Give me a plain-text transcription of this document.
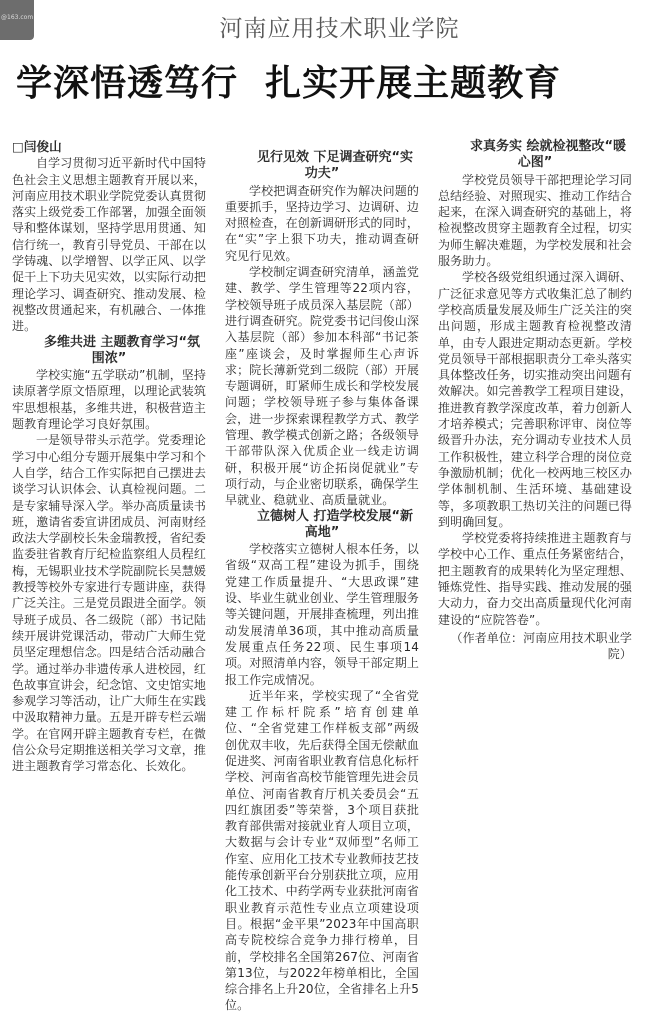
@163.com	河南应用技术职业学院
学深悟透笃行  扎实开展主题教育

□闫俊山

自学习贯彻习近平新时代中国特色社会主义思想主题教育开展以来，河南应用技术职业学院党委认真贯彻落实上级党委工作部署，加强全面领导和整体谋划，坚持学思用贯通、知信行统一，教育引导党员、干部在以学铸魂、以学增智、以学正风、以学促干上下功夫见实效，以实际行动把理论学习、调查研究、推动发展、检视整改贯通起来，有机融合、一体推进。

多维共进 主题教育学习“氛围浓”

学校实施“五学联动”机制，坚持读原著学原文悟原理，以理论武装筑牢思想根基，多维共进，积极营造主题教育理论学习良好氛围。

一是领导带头示范学。党委理论学习中心组分专题开展集中学习和个人自学，结合工作实际把自己摆进去谈学习认识体会、认真检视问题。二是专家辅导深入学。举办高质量读书班，邀请省委宣讲团成员、河南财经政法大学副校长朱金瑞教授，省纪委监委驻省教育厅纪检监察组人员程红梅，无锡职业技术学院副院长吴慧媛教授等校外专家进行专题讲座，获得广泛关注。三是党员跟进全面学。领导班子成员、各二级院（部）书记陆续开展讲党课活动，带动广大师生党员坚定理想信念。四是结合活动融合学。通过举办非遗传承人进校园，红色故事宣讲会，纪念馆、文史馆实地参观学习等活动，让广大师生在实践中汲取精神力量。五是开辟专栏云端学。在官网开辟主题教育专栏，在微信公众号定期推送相关学习文章，推进主题教育学习常态化、长效化。

见行见效 下足调查研究“实功夫”

学校把调查研究作为解决问题的重要抓手，坚持边学习、边调研、边对照检查，在创新调研形式的同时，在“实”字上狠下功夫，推动调查研究见行见效。

学校制定调查研究清单，涵盖党建、教学、学生管理等22项内容，学校领导班子成员深入基层院（部）进行调查研究。院党委书记闫俊山深入基层院（部）参加本科部“书记茶座”座谈会，及时掌握师生心声诉求；院长薄新党到二级院（部）开展专题调研，盯紧师生成长和学校发展问题；学校领导班子参与集体备课会，进一步探索课程教学方式、教学管理、教学模式创新之路；各级领导干部带队深入优质企业一线走访调研，积极开展“访企拓岗促就业”专项行动，与企业密切联系，确保学生早就业、稳就业、高质量就业。

立德树人 打造学校发展“新高地”

学校落实立德树人根本任务，以省级“双高工程”建设为抓手，围绕党建工作质量提升、“大思政课”建设、毕业生就业创业、学生管理服务等关键问题，开展排查梳理，列出推动发展清单36项，其中推动高质量发展重点任务22项、民生事项14项。对照清单内容，领导干部定期上报工作完成情况。

近半年来，学校实现了“全省党建工作标杆院系”培育创建单位、“全省党建工作样板支部”两级创优双丰收，先后获得全国无偿献血促进奖、河南省职业教育信息化标杆学校、河南省高校节能管理先进会员单位、河南省教育厅机关委员会“五四红旗团委”等荣誉，3个项目获批教育部供需对接就业育人项目立项，大数据与会计专业“双师型”名师工作室、应用化工技术专业教师技艺技能传承创新平台分别获批立项，应用化工技术、中药学两专业获批河南省职业教育示范性专业点立项建设项目。根据“金平果”2023年中国高职高专院校综合竞争力排行榜单，目前，学校排名全国第267位、河南省第13位，与2022年榜单相比，全国综合排名上升20位，全省排名上升5位。

求真务实 绘就检视整改“暖心图”

学校党员领导干部把理论学习同总结经验、对照现实、推动工作结合起来，在深入调查研究的基础上，将检视整改贯穿主题教育全过程，切实为师生解决难题，为学校发展和社会服务助力。

学校各级党组织通过深入调研、广泛征求意见等方式收集汇总了制约学校高质量发展及师生广泛关注的突出问题，形成主题教育检视整改清单，由专人跟进定期动态更新。学校党员领导干部根据职责分工牵头落实具体整改任务，切实推动突出问题有效解决。如完善教学工程项目建设，推进教育教学深度改革，着力创新人才培养模式；完善职称评审、岗位等级晋升办法，充分调动专业技术人员工作积极性，建立科学合理的岗位竞争激励机制；优化一校两地三校区办学体制机制、生活环境、基础建设等，多项教职工热切关注的问题已得到明确回复。

学校党委将持续推进主题教育与学校中心工作、重点任务紧密结合，把主题教育的成果转化为坚定理想、锤炼党性、指导实践、推动发展的强大动力，奋力交出高质量现代化河南建设的“应院答卷”。

（作者单位：河南应用技术职业学院）
